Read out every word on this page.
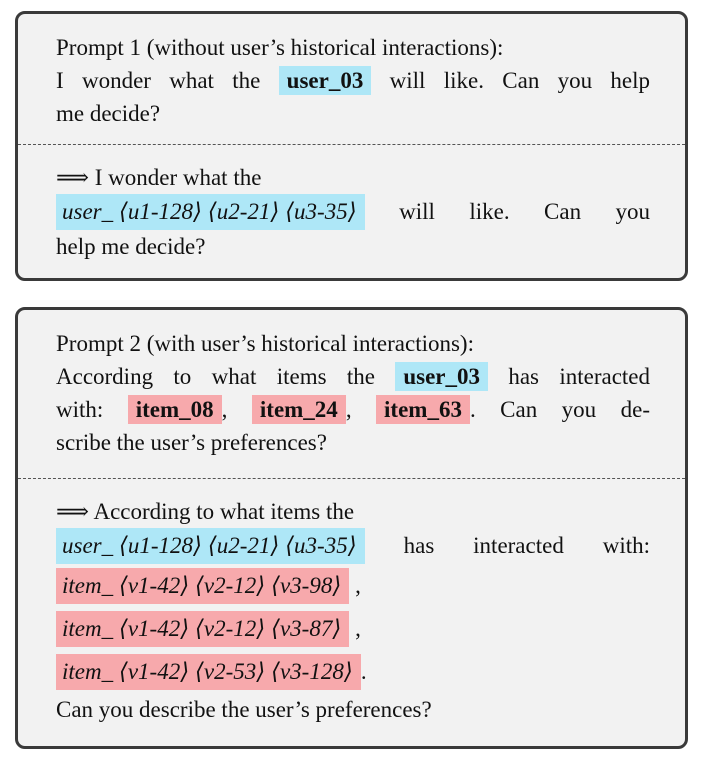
Prompt 1 (without user’s historical interactions):
I wonder what the user_03 will like. Can you help
me decide?
⟹ I wonder what the
user_ ⟨u1-128⟩ ⟨u2-21⟩ ⟨u3-35⟩ will like. Can you
help me decide?
Prompt 2 (with user’s historical interactions):
According to what items the user_03 has interacted
with: item_08 , item_24 , item_63 . Can you de-
scribe the user’s preferences?
⟹ According to what items the
user_ ⟨u1-128⟩ ⟨u2-21⟩ ⟨u3-35⟩ has interacted with:
item_ ⟨v1-42⟩ ⟨v2-12⟩ ⟨v3-98⟩ ,
item_ ⟨v1-42⟩ ⟨v2-12⟩ ⟨v3-87⟩ ,
item_ ⟨v1-42⟩ ⟨v2-53⟩ ⟨v3-128⟩ .
Can you describe the user’s preferences?
